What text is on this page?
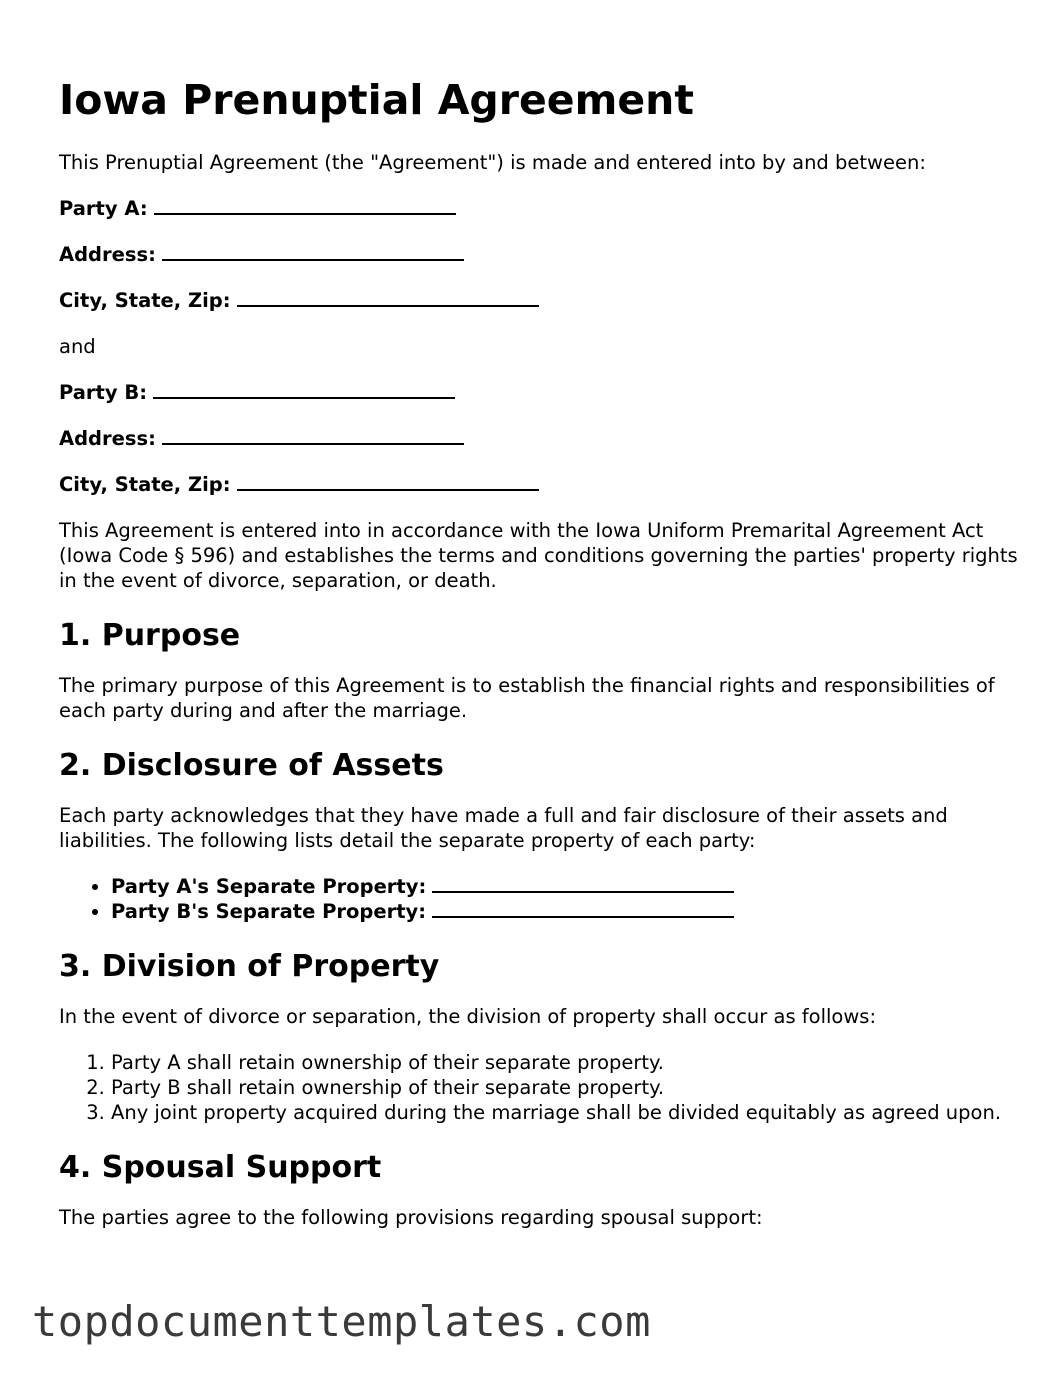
Iowa Prenuptial Agreement

This Prenuptial Agreement (the "Agreement") is made and entered into by and between:

Party A:
Address:
City, State, Zip:

and

Party B:
Address:
City, State, Zip:

This Agreement is entered into in accordance with the Iowa Uniform Premarital Agreement Act (Iowa Code § 596) and establishes the terms and conditions governing the parties' property rights in the event of divorce, separation, or death.

1. Purpose

The primary purpose of this Agreement is to establish the financial rights and responsibilities of each party during and after the marriage.

2. Disclosure of Assets

Each party acknowledges that they have made a full and fair disclosure of their assets and liabilities. The following lists detail the separate property of each party:

• Party A's Separate Property:
• Party B's Separate Property:
3. Division of Property

In the event of divorce or separation, the division of property shall occur as follows:

1. Party A shall retain ownership of their separate property.
2. Party B shall retain ownership of their separate property.
3. Any joint property acquired during the marriage shall be divided equitably as agreed upon.
4. Spousal Support

The parties agree to the following provisions regarding spousal support:

topdocumenttemplates.com
